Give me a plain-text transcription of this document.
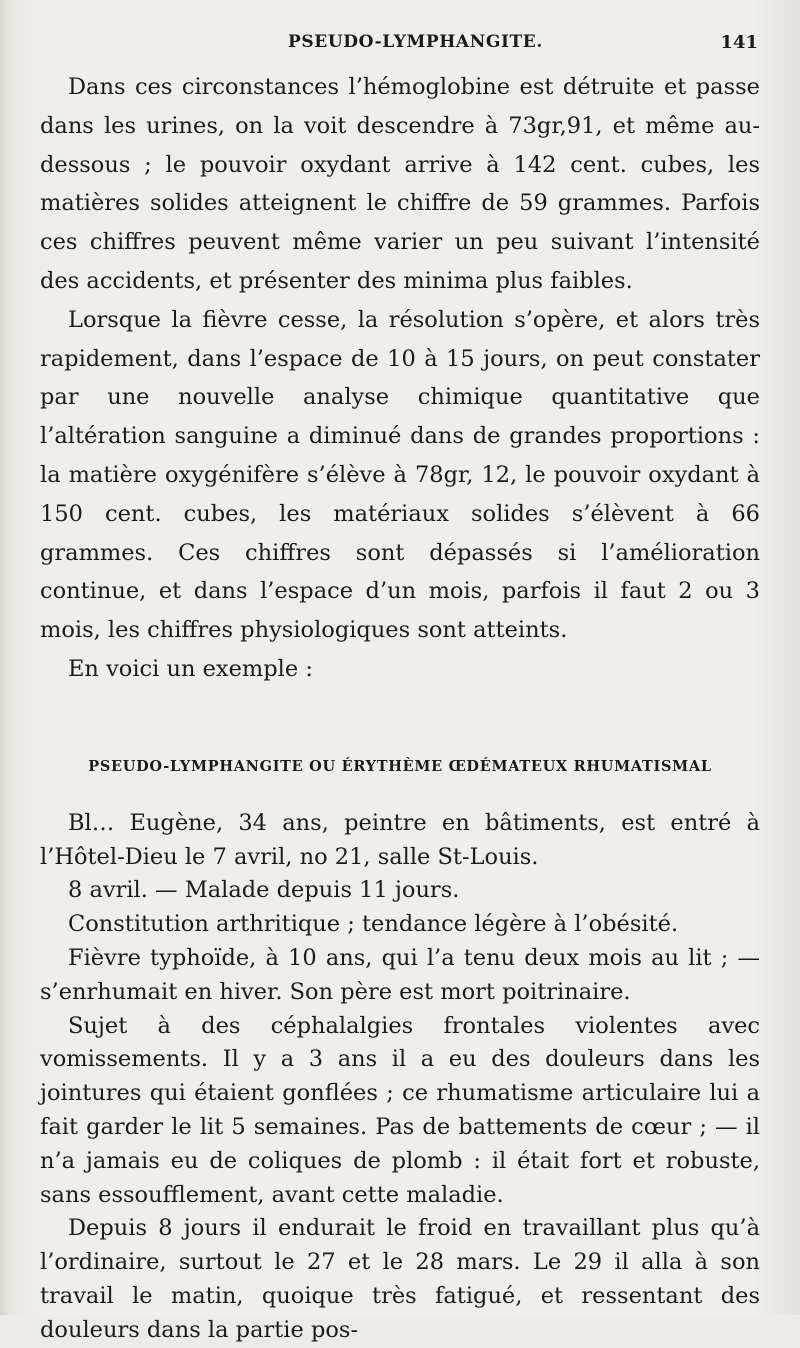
PSEUDO-LYMPHANGITE.	141

Dans ces circonstances l’hémoglobine est détruite et passe dans les urines, on la voit descendre à 73gr,91, et même au-dessous ; le pouvoir oxydant arrive à 142 cent. cubes, les matières solides atteignent le chiffre de 59 grammes. Parfois ces chiffres peuvent même varier un peu suivant l’intensité des accidents, et présenter des minima plus faibles.

Lorsque la fièvre cesse, la résolution s’opère, et alors très rapidement, dans l’espace de 10 à 15 jours, on peut constater par une nouvelle analyse chimique quantitative que l’altération sanguine a diminué dans de grandes proportions : la matière oxygénifère s’élève à 78gr, 12, le pouvoir oxydant à 150 cent. cubes, les matériaux solides s’élèvent à 66 grammes. Ces chiffres sont dépassés si l’amélioration continue, et dans l’espace d’un mois, parfois il faut 2 ou 3 mois, les chiffres physiologiques sont atteints.

En voici un exemple :

PSEUDO-LYMPHANGITE OU ÉRYTHÈME ŒDÉMATEUX RHUMATISMAL

Bl… Eugène, 34 ans, peintre en bâtiments, est entré à l’Hôtel-Dieu le 7 avril, no 21, salle St-Louis.

8 avril. — Malade depuis 11 jours.

Constitution arthritique ; tendance légère à l’obésité.

Fièvre typhoïde, à 10 ans, qui l’a tenu deux mois au lit ; — s’enrhumait en hiver. Son père est mort poitrinaire.

Sujet à des céphalalgies frontales violentes avec vomissements. Il y a 3 ans il a eu des douleurs dans les jointures qui étaient gonflées ; ce rhumatisme articulaire lui a fait garder le lit 5 semaines. Pas de battements de cœur ; — il n’a jamais eu de coliques de plomb : il était fort et robuste, sans essoufflement, avant cette maladie.

Depuis 8 jours il endurait le froid en travaillant plus qu’à l’ordinaire, surtout le 27 et le 28 mars. Le 29 il alla à son travail le matin, quoique très fatigué, et ressentant des douleurs dans la partie pos-
